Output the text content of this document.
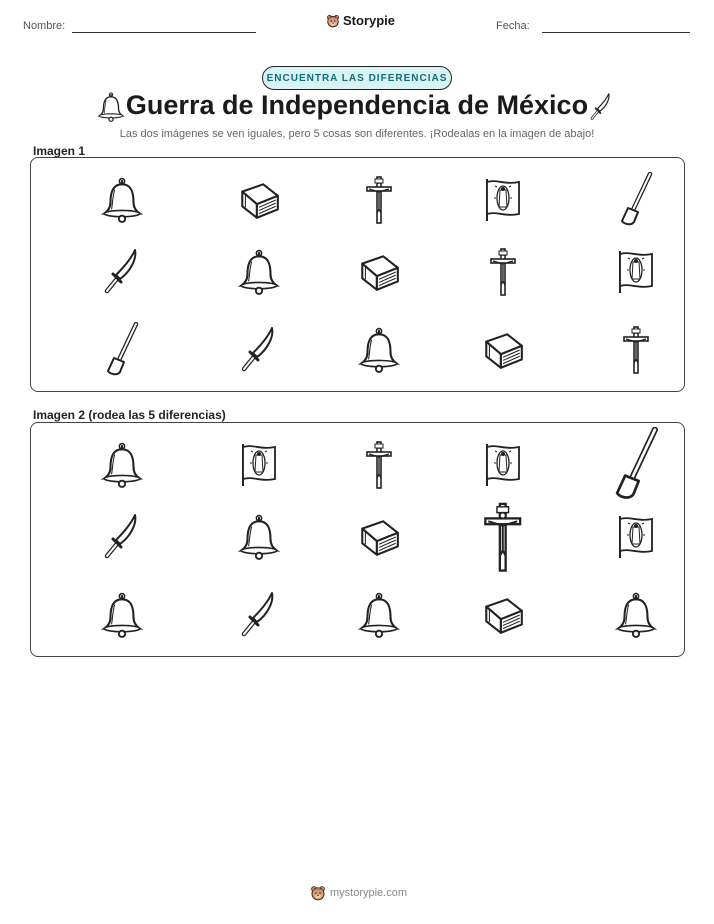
Nombre:	Storypie	Fecha:
ENCUENTRA LAS DIFERENCIAS
Guerra de Independencia de México
Las dos imágenes se ven iguales, pero 5 cosas son diferentes. ¡Rodealas en la imagen de abajo!
Imagen 1
Imagen 2 (rodea las 5 diferencias)
mystorypie.com
